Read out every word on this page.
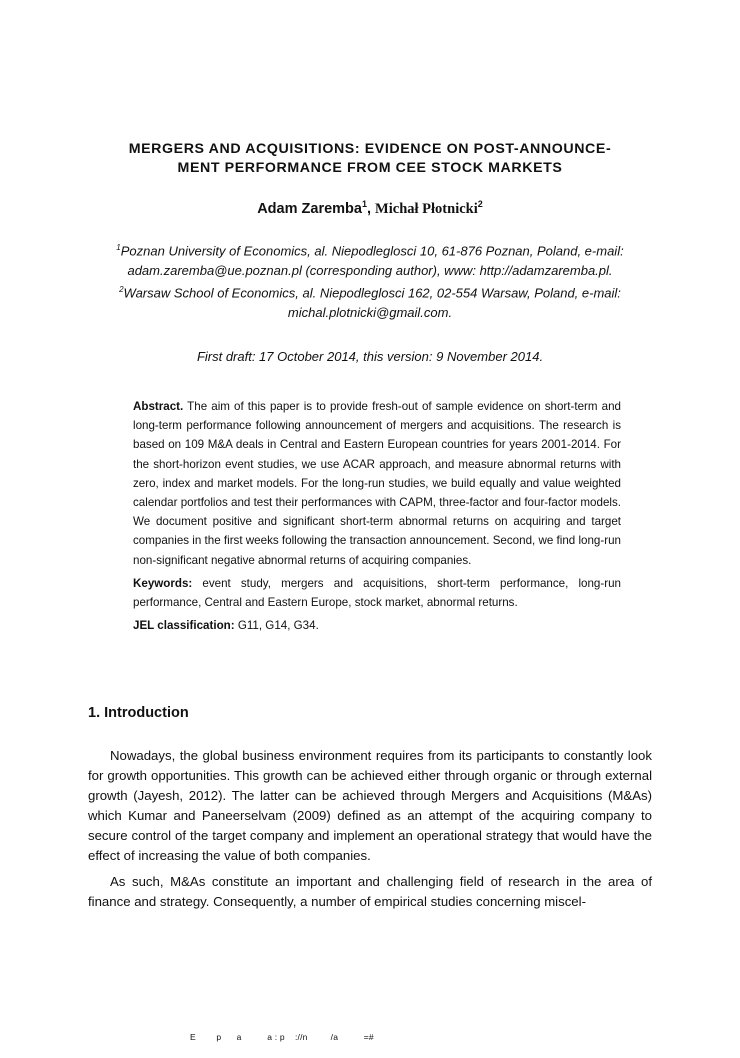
MERGERS AND ACQUISITIONS: EVIDENCE ON POST-ANNOUNCE-
MENT PERFORMANCE FROM CEE STOCK MARKETS
Adam Zaremba$^1$, Michał Płotnicki$^2$
$^1$Poznan University of Economics, al. Niepodleglosci 10, 61-876 Poznan, Poland, e-mail:
adam.zaremba@ue.poznan.pl (corresponding author), www: http://adamzaremba.pl.
$^2$Warsaw School of Economics, al. Niepodleglosci 162, 02-554 Warsaw, Poland, e-mail:
michal.plotnicki@gmail.com.
First draft: 17 October 2014, this version: 9 November 2014.

Abstract. The aim of this paper is to provide fresh-out of sample evidence on short-term and long-term performance following announcement of mergers and acquisitions. The research is based on 109 M&A deals in Central and Eastern European countries for years 2001-2014. For the short-horizon event studies, we use ACAR approach, and measure abnormal returns with zero, index and market models. For the long-run studies, we build equally and value weighted calendar portfolios and test their performances with CAPM, three-factor and four-factor models. We document positive and significant short-term abnormal returns on acquiring and target companies in the first weeks following the transaction announcement. Second, we find long-run non-significant negative abnormal returns of acquiring companies.

Keywords: event study, mergers and acquisitions, short-term performance, long-run performance, Central and Eastern Europe, stock market, abnormal returns.

JEL classification: G11, G14, G34.

1. Introduction

Nowadays, the global business environment requires from its participants to constantly look for growth opportunities. This growth can be achieved either through organic or through external growth (Jayesh, 2012). The latter can be achieved through Mergers and Acquisitions (M&As) which Kumar and Paneerselvam (2009) defined as an attempt of the acquiring company to secure control of the target company and implement an operational strategy that would have the effect of increasing the value of both companies.

As such, M&As constitute an important and challenging field of research in the area of finance and strategy. Consequently, a number of empirical studies concerning miscel-

E        p      a          a : p    ://n         /a          =#
